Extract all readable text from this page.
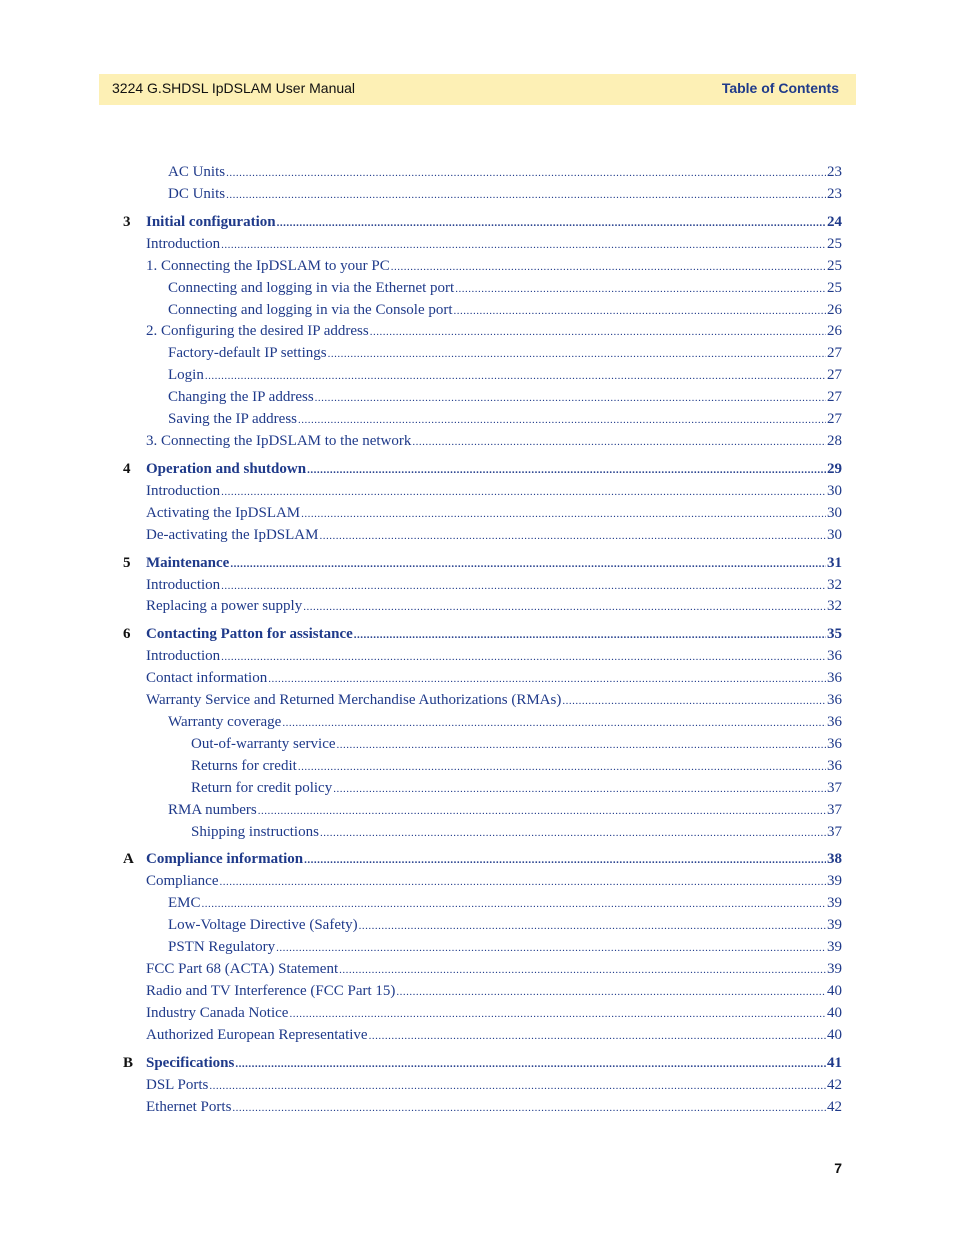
3224 G.SHDSL IpDSLAM User Manual	Table of Contents
AC Units .....	23
DC Units .....	23
3 Initial configuration .....	24
Introduction .....	25
1. Connecting the IpDSLAM to your PC .....	25
Connecting and logging in via the Ethernet port .....	25
Connecting and logging in via the Console port .....	26
2. Configuring the desired IP address .....	26
Factory-default IP settings .....	27
Login .....	27
Changing the IP address .....	27
Saving the IP address .....	27
3. Connecting the IpDSLAM to the network .....	28
4 Operation and shutdown .....	29
Introduction .....	30
Activating the IpDSLAM .....	30
De-activating the IpDSLAM .....	30
5 Maintenance .....	31
Introduction .....	32
Replacing a power supply .....	32
6 Contacting Patton for assistance .....	35
Introduction .....	36
Contact information .....	36
Warranty Service and Returned Merchandise Authorizations (RMAs) .....	36
Warranty coverage .....	36
Out-of-warranty service .....	36
Returns for credit .....	36
Return for credit policy .....	37
RMA numbers .....	37
Shipping instructions .....	37
A Compliance information .....	38
Compliance .....	39
EMC .....	39
Low-Voltage Directive (Safety) .....	39
PSTN Regulatory .....	39
FCC Part 68 (ACTA) Statement .....	39
Radio and TV Interference (FCC Part 15) .....	40
Industry Canada Notice .....	40
Authorized European Representative .....	40
B Specifications .....	41
DSL Ports .....	42
Ethernet Ports .....	42
7
